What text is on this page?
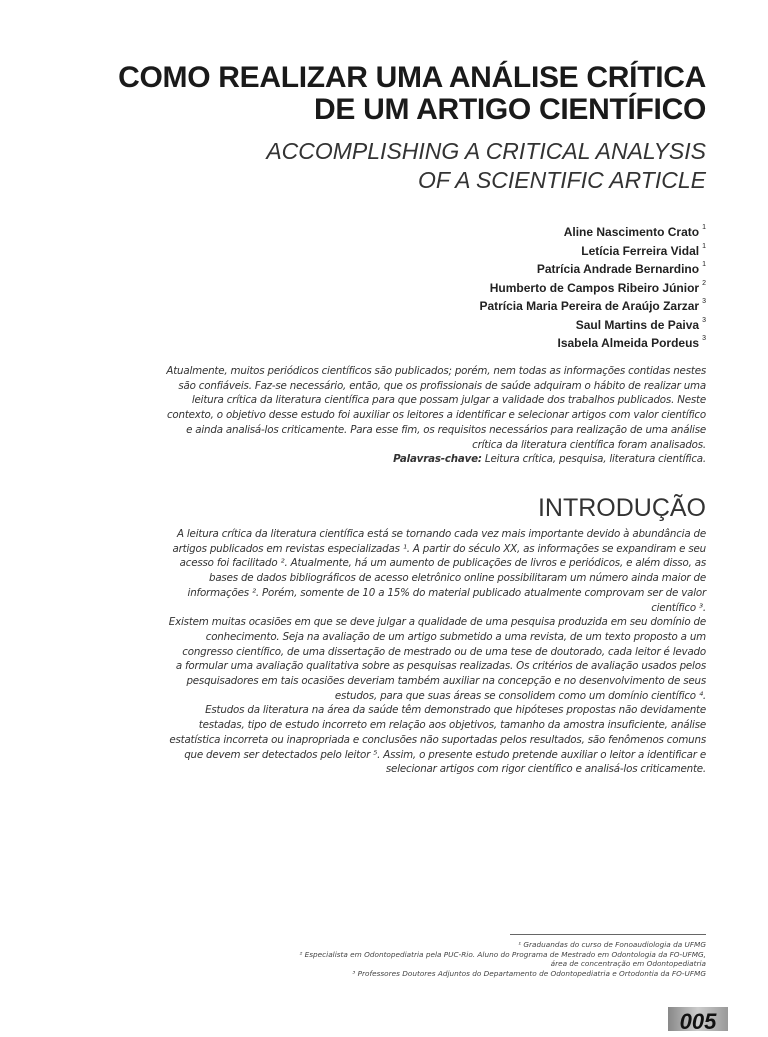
COMO REALIZAR UMA ANÁLISE CRÍTICA
DE UM ARTIGO CIENTÍFICO
ACCOMPLISHING A CRITICAL ANALYSIS
OF A SCIENTIFIC ARTICLE
Aline Nascimento Crato $^1$
Letícia Ferreira Vidal $^1$
Patrícia Andrade Bernardino $^1$
Humberto de Campos Ribeiro Júnior $^2$
Patrícia Maria Pereira de Araújo Zarzar $^3$
Saul Martins de Paiva $^3$
Isabela Almeida Pordeus $^3$
Atualmente, muitos periódicos científicos são publicados; porém, nem todas as informações contidas nestes
são confiáveis. Faz-se necessário, então, que os profissionais de saúde adquiram o hábito de realizar uma
leitura crítica da literatura científica para que possam julgar a validade dos trabalhos publicados. Neste
contexto, o objetivo desse estudo foi auxiliar os leitores a identificar e selecionar artigos com valor científico
e ainda analisá-los criticamente. Para esse fim, os requisitos necessários para realização de uma análise
crítica da literatura científica foram analisados.
Palavras-chave: Leitura crítica, pesquisa, literatura científica.
INTRODUÇÃO
A leitura crítica da literatura científica está se tornando cada vez mais importante devido à abundância de
artigos publicados em revistas especializadas ¹. A partir do século XX, as informações se expandiram e seu
acesso foi facilitado ². Atualmente, há um aumento de publicações de livros e periódicos, e além disso, as
bases de dados bibliográficos de acesso eletrônico online possibilitaram um número ainda maior de
informações ². Porém, somente de 10 a 15% do material publicado atualmente comprovam ser de valor
científico ³.
Existem muitas ocasiões em que se deve julgar a qualidade de uma pesquisa produzida em seu domínio de
conhecimento. Seja na avaliação de um artigo submetido a uma revista, de um texto proposto a um
congresso científico, de uma dissertação de mestrado ou de uma tese de doutorado, cada leitor é levado
a formular uma avaliação qualitativa sobre as pesquisas realizadas. Os critérios de avaliação usados pelos
pesquisadores em tais ocasiões deveriam também auxiliar na concepção e no desenvolvimento de seus
estudos, para que suas áreas se consolidem como um domínio científico ⁴.
Estudos da literatura na área da saúde têm demonstrado que hipóteses propostas não devidamente
testadas, tipo de estudo incorreto em relação aos objetivos, tamanho da amostra insuficiente, análise
estatística incorreta ou inapropriada e conclusões não suportadas pelos resultados, são fenômenos comuns
que devem ser detectados pelo leitor ⁵. Assim, o presente estudo pretende auxiliar o leitor a identificar e
selecionar artigos com rigor científico e analisá-los criticamente.
¹ Graduandas do curso de Fonoaudiologia da UFMG
² Especialista em Odontopediatria pela PUC-Rio. Aluno do Programa de Mestrado em Odontologia da FO-UFMG,
área de concentração em Odontopediatria
³ Professores Doutores Adjuntos do Departamento de Odontopediatria e Ortodontia da FO-UFMG
005
